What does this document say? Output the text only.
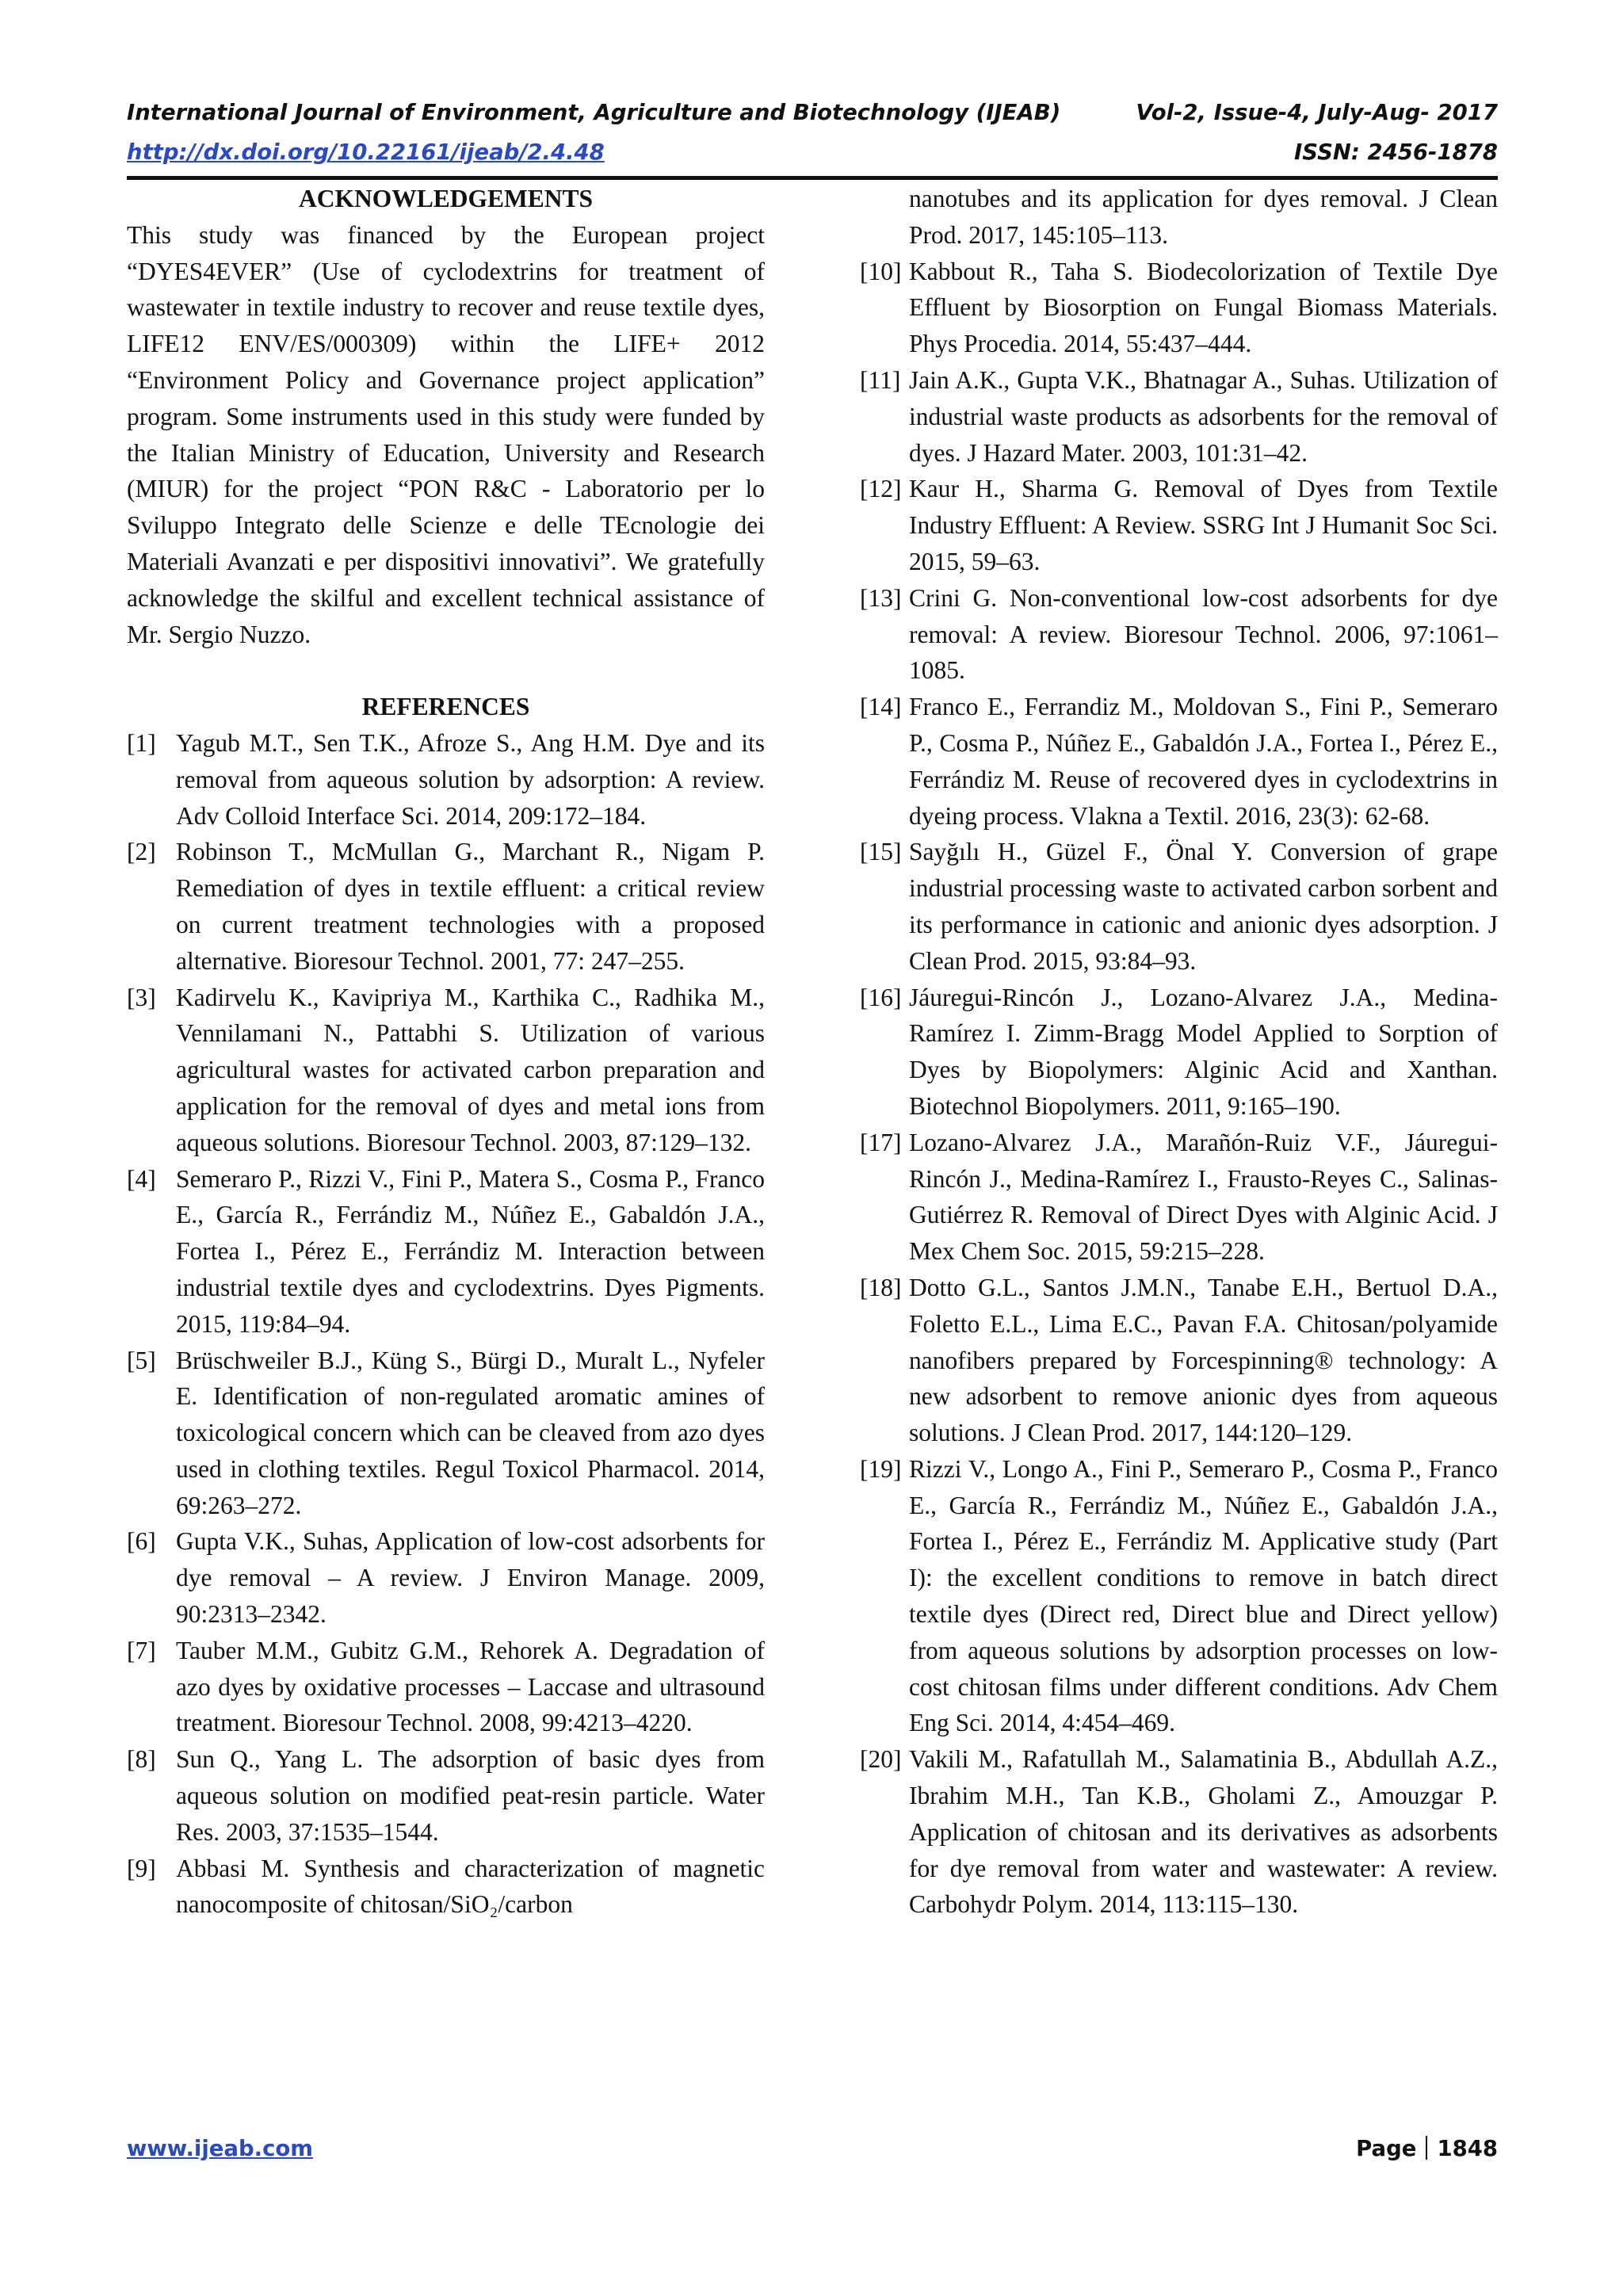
International Journal of Environment, Agriculture and Biotechnology (IJEAB)	Vol-2, Issue-4, July-Aug- 2017
http://dx.doi.org/10.22161/ijeab/2.4.48	ISSN: 2456-1878
ACKNOWLEDGEMENTS

This study was financed by the European project “DYES4EVER” (Use of cyclodextrins for treatment of wastewater in textile industry to recover and reuse textile dyes, LIFE12 ENV/ES/000309) within the LIFE+ 2012 “Environment Policy and Governance project application” program. Some instruments used in this study were funded by the Italian Ministry of Education, University and Research (MIUR) for the project “PON R&C - Laboratorio per lo Sviluppo Integrato delle Scienze e delle TEcnologie dei Materiali Avanzati e per dispositivi innovativi”. We gratefully acknowledge the skilful and excellent technical assistance of Mr. Sergio Nuzzo.

REFERENCES
[1] Yagub M.T., Sen T.K., Afroze S., Ang H.M. Dye and its removal from aqueous solution by adsorption: A review. Adv Colloid Interface Sci. 2014, 209:172–184.
[2] Robinson T., McMullan G., Marchant R., Nigam P. Remediation of dyes in textile effluent: a critical review on current treatment technologies with a proposed alternative. Bioresour Technol. 2001, 77: 247–255.
[3] Kadirvelu K., Kavipriya M., Karthika C., Radhika M., Vennilamani N., Pattabhi S. Utilization of various agricultural wastes for activated carbon preparation and application for the removal of dyes and metal ions from aqueous solutions. Bioresour Technol. 2003, 87:129–132.
[4] Semeraro P., Rizzi V., Fini P., Matera S., Cosma P., Franco E., García R., Ferrándiz M., Núñez E., Gabaldón J.A., Fortea I., Pérez E., Ferrándiz M. Interaction between industrial textile dyes and cyclodextrins. Dyes Pigments. 2015, 119:84–94.
[5] Brüschweiler B.J., Küng S., Bürgi D., Muralt L., Nyfeler E. Identification of non-regulated aromatic amines of toxicological concern which can be cleaved from azo dyes used in clothing textiles. Regul Toxicol Pharmacol. 2014, 69:263–272.
[6] Gupta V.K., Suhas, Application of low-cost adsorbents for dye removal – A review. J Environ Manage. 2009, 90:2313–2342.
[7] Tauber M.M., Gubitz G.M., Rehorek A. Degradation of azo dyes by oxidative processes – Laccase and ultrasound treatment. Bioresour Technol. 2008, 99:4213–4220.
[8] Sun Q., Yang L. The adsorption of basic dyes from aqueous solution on modified peat-resin particle. Water Res. 2003, 37:1535–1544.
[9] Abbasi M. Synthesis and characterization of magnetic nanocomposite of chitosan/SiO₂/carbon
nanotubes and its application for dyes removal. J Clean Prod. 2017, 145:105–113.
[10] Kabbout R., Taha S. Biodecolorization of Textile Dye Effluent by Biosorption on Fungal Biomass Materials. Phys Procedia. 2014, 55:437–444.
[11] Jain A.K., Gupta V.K., Bhatnagar A., Suhas. Utilization of industrial waste products as adsorbents for the removal of dyes. J Hazard Mater. 2003, 101:31–42.
[12] Kaur H., Sharma G. Removal of Dyes from Textile Industry Effluent: A Review. SSRG Int J Humanit Soc Sci. 2015, 59–63.
[13] Crini G. Non-conventional low-cost adsorbents for dye removal: A review. Bioresour Technol. 2006, 97:1061–1085.
[14] Franco E., Ferrandiz M., Moldovan S., Fini P., Semeraro P., Cosma P., Núñez E., Gabaldón J.A., Fortea I., Pérez E., Ferrándiz M. Reuse of recovered dyes in cyclodextrins in dyeing process. Vlakna a Textil. 2016, 23(3): 62-68.
[15] Sayğılı H., Güzel F., Önal Y. Conversion of grape industrial processing waste to activated carbon sorbent and its performance in cationic and anionic dyes adsorption. J Clean Prod. 2015, 93:84–93.
[16] Jáuregui-Rincón J., Lozano-Alvarez J.A., Medina-Ramírez I. Zimm-Bragg Model Applied to Sorption of Dyes by Biopolymers: Alginic Acid and Xanthan. Biotechnol Biopolymers. 2011, 9:165–190.
[17] Lozano-Alvarez J.A., Marañón-Ruiz V.F., Jáuregui-Rincón J., Medina-Ramírez I., Frausto-Reyes C., Salinas-Gutiérrez R. Removal of Direct Dyes with Alginic Acid. J Mex Chem Soc. 2015, 59:215–228.
[18] Dotto G.L., Santos J.M.N., Tanabe E.H., Bertuol D.A., Foletto E.L., Lima E.C., Pavan F.A. Chitosan/polyamide nanofibers prepared by Forcespinning® technology: A new adsorbent to remove anionic dyes from aqueous solutions. J Clean Prod. 2017, 144:120–129.
[19] Rizzi V., Longo A., Fini P., Semeraro P., Cosma P., Franco E., García R., Ferrándiz M., Núñez E., Gabaldón J.A., Fortea I., Pérez E., Ferrándiz M. Applicative study (Part I): the excellent conditions to remove in batch direct textile dyes (Direct red, Direct blue and Direct yellow) from aqueous solutions by adsorption processes on low-cost chitosan films under different conditions. Adv Chem Eng Sci. 2014, 4:454–469.
[20] Vakili M., Rafatullah M., Salamatinia B., Abdullah A.Z., Ibrahim M.H., Tan K.B., Gholami Z., Amouzgar P. Application of chitosan and its derivatives as adsorbents for dye removal from water and wastewater: A review. Carbohydr Polym. 2014, 113:115–130.
www.ijeab.com	Page 1848
